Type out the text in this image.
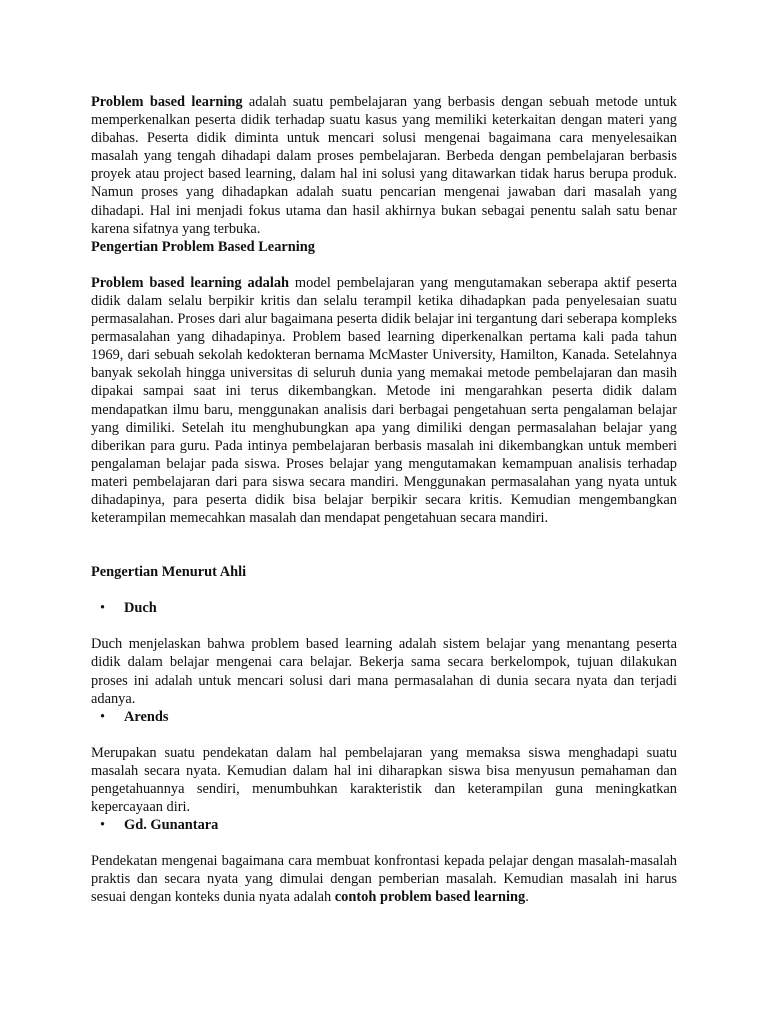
Problem based learning adalah suatu pembelajaran yang berbasis dengan sebuah metode untuk memperkenalkan peserta didik terhadap suatu kasus yang memiliki keterkaitan dengan materi yang dibahas. Peserta didik diminta untuk mencari solusi mengenai bagaimana cara menyelesaikan masalah yang tengah dihadapi dalam proses pembelajaran. Berbeda dengan pembelajaran berbasis proyek atau project based learning, dalam hal ini solusi yang ditawarkan tidak harus berupa produk. Namun proses yang dihadapkan adalah suatu pencarian mengenai jawaban dari masalah yang dihadapi. Hal ini menjadi fokus utama dan hasil akhirnya bukan sebagai penentu salah satu benar karena sifatnya yang terbuka.

Pengertian Problem Based Learning

Problem based learning adalah model pembelajaran yang mengutamakan seberapa aktif peserta didik dalam selalu berpikir kritis dan selalu terampil ketika dihadapkan pada penyelesaian suatu permasalahan. Proses dari alur bagaimana peserta didik belajar ini tergantung dari seberapa kompleks permasalahan yang dihadapinya. Problem based learning diperkenalkan pertama kali pada tahun 1969, dari sebuah sekolah kedokteran bernama McMaster University, Hamilton, Kanada. Setelahnya banyak sekolah hingga universitas di seluruh dunia yang memakai metode pembelajaran dan masih dipakai sampai saat ini terus dikembangkan. Metode ini mengarahkan peserta didik dalam mendapatkan ilmu baru, menggunakan analisis dari berbagai pengetahuan serta pengalaman belajar yang dimiliki. Setelah itu menghubungkan apa yang dimiliki dengan permasalahan belajar yang diberikan para guru. Pada intinya pembelajaran berbasis masalah ini dikembangkan untuk memberi pengalaman belajar pada siswa. Proses belajar yang mengutamakan kemampuan analisis terhadap materi pembelajaran dari para siswa secara mandiri. Menggunakan permasalahan yang nyata untuk dihadapinya, para peserta didik bisa belajar berpikir secara kritis. Kemudian mengembangkan keterampilan memecahkan masalah dan mendapat pengetahuan secara mandiri.

Pengertian Menurut Ahli
• Duch

Duch menjelaskan bahwa problem based learning adalah sistem belajar yang menantang peserta didik dalam belajar mengenai cara belajar. Bekerja sama secara berkelompok, tujuan dilakukan proses ini adalah untuk mencari solusi dari mana permasalahan di dunia secara nyata dan terjadi adanya.

• Arends

Merupakan suatu pendekatan dalam hal pembelajaran yang memaksa siswa menghadapi suatu masalah secara nyata. Kemudian dalam hal ini diharapkan siswa bisa menyusun pemahaman dan pengetahuannya sendiri, menumbuhkan karakteristik dan keterampilan guna meningkatkan kepercayaan diri.

• Gd. Gunantara

Pendekatan mengenai bagaimana cara membuat konfrontasi kepada pelajar dengan masalah-masalah praktis dan secara nyata yang dimulai dengan pemberian masalah. Kemudian masalah ini harus sesuai dengan konteks dunia nyata adalah contoh problem based learning.
